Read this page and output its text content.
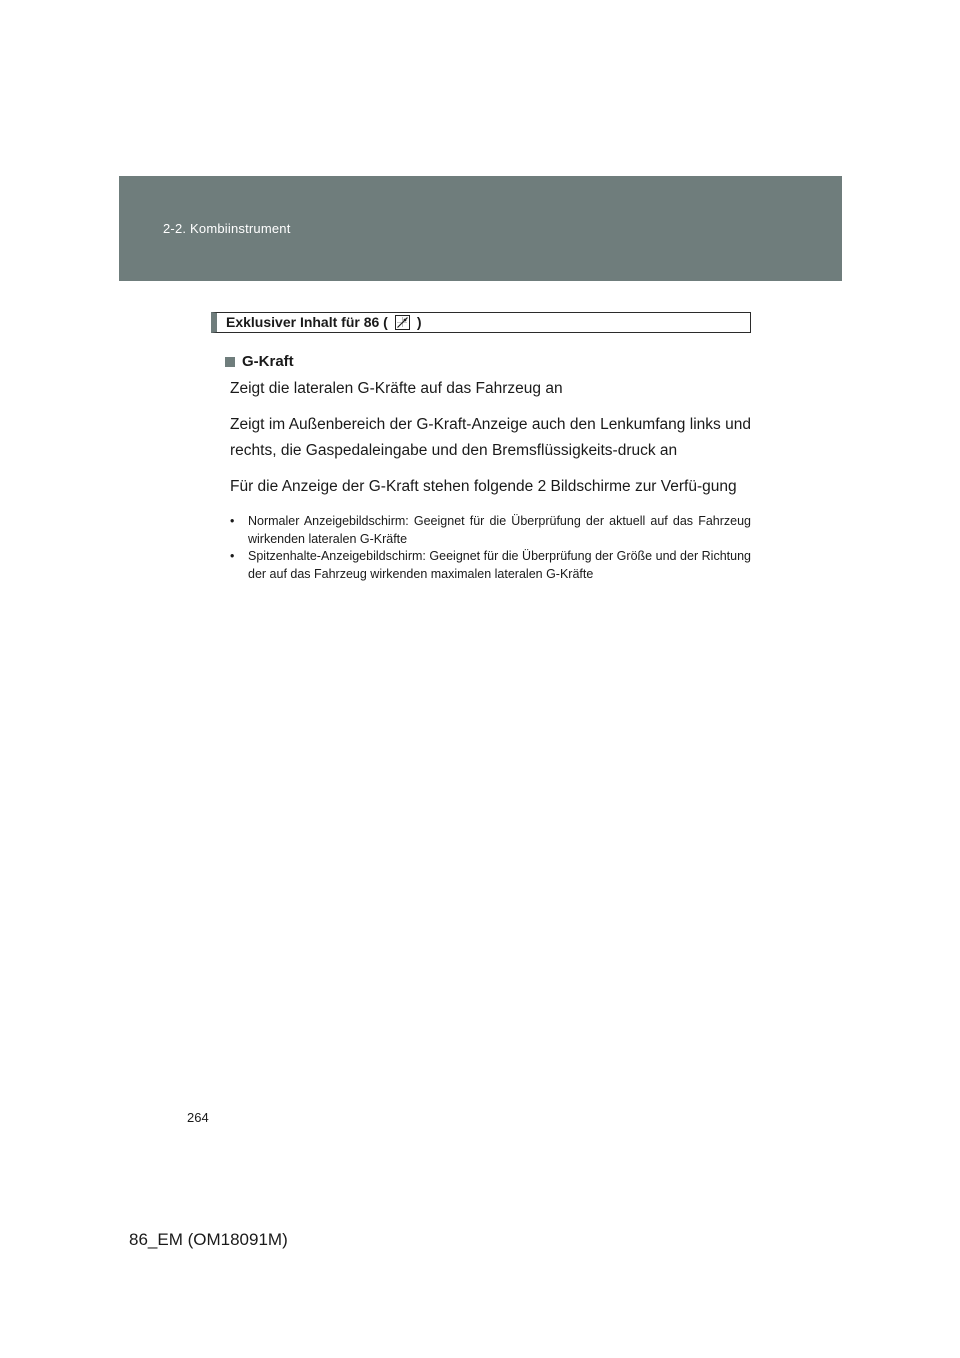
2-2. Kombiinstrument
Exklusiver Inhalt für 86 ( )
G-Kraft

Zeigt die lateralen G-Kräfte auf das Fahrzeug an

Zeigt im Außenbereich der G-Kraft-Anzeige auch den Lenkumfang links und rechts, die Gaspedaleingabe und den Bremsflüssigkeits-druck an

Für die Anzeige der G-Kraft stehen folgende 2 Bildschirme zur Verfü-gung

• Normaler Anzeigebildschirm: Geeignet für die Überprüfung der aktuell auf das Fahrzeug wirkenden lateralen G-Kräfte
• Spitzenhalte-Anzeigebildschirm: Geeignet für die Überprüfung der Größe und der Richtung der auf das Fahrzeug wirkenden maximalen lateralen G-Kräfte
264
86_EM (OM18091M)
